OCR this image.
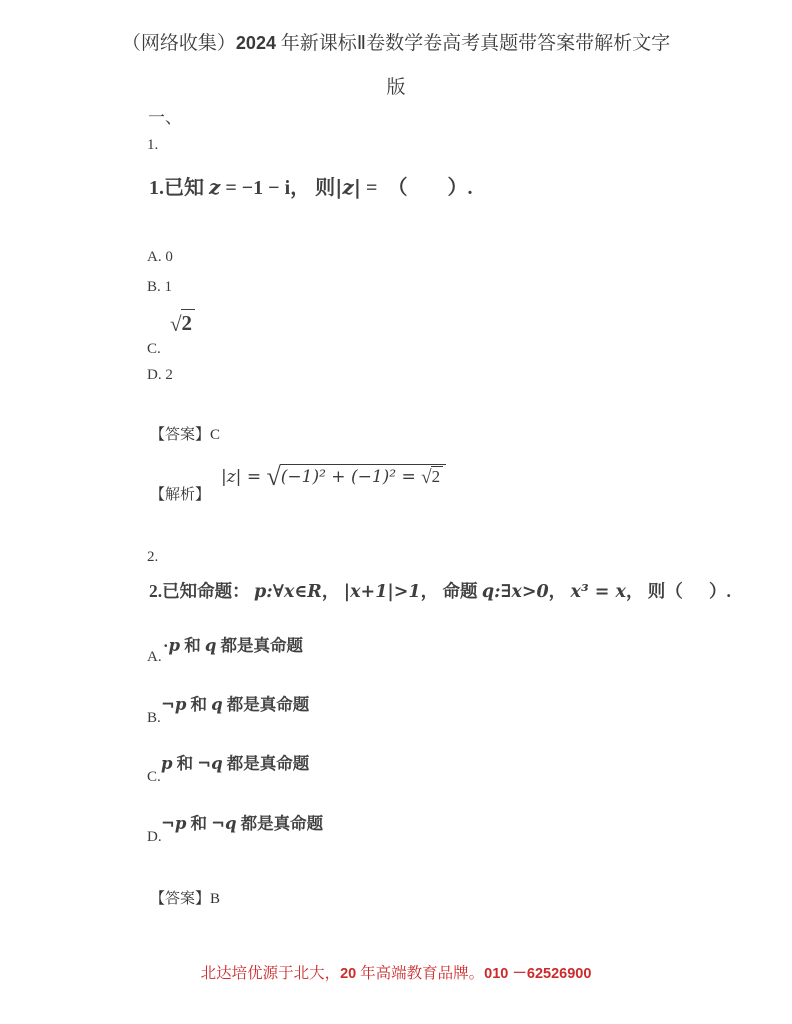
（网络收集）2024 年新课标Ⅱ卷数学卷高考真题带答案带解析文字
版
一、
1.
1.已知 z = −1 − i， 则|z| =  （        ）.
A. 0
B. 1
√2
C.
D. 2
【答案】C
【解析】
|z| = √(−1)² + (−1)² = √2
2.
2.已知命题： p:∀x∈R， |x+1|>1， 命题 q:∃x>0， x³ = x， 则（      ）.
·p 和 q 都是真命题
A.
¬p 和 q 都是真命题
B.
p 和 ¬q 都是真命题
C.
¬p 和 ¬q 都是真命题
D.
【答案】B
北达培优源于北大，20 年高端教育品牌。010 －62526900
